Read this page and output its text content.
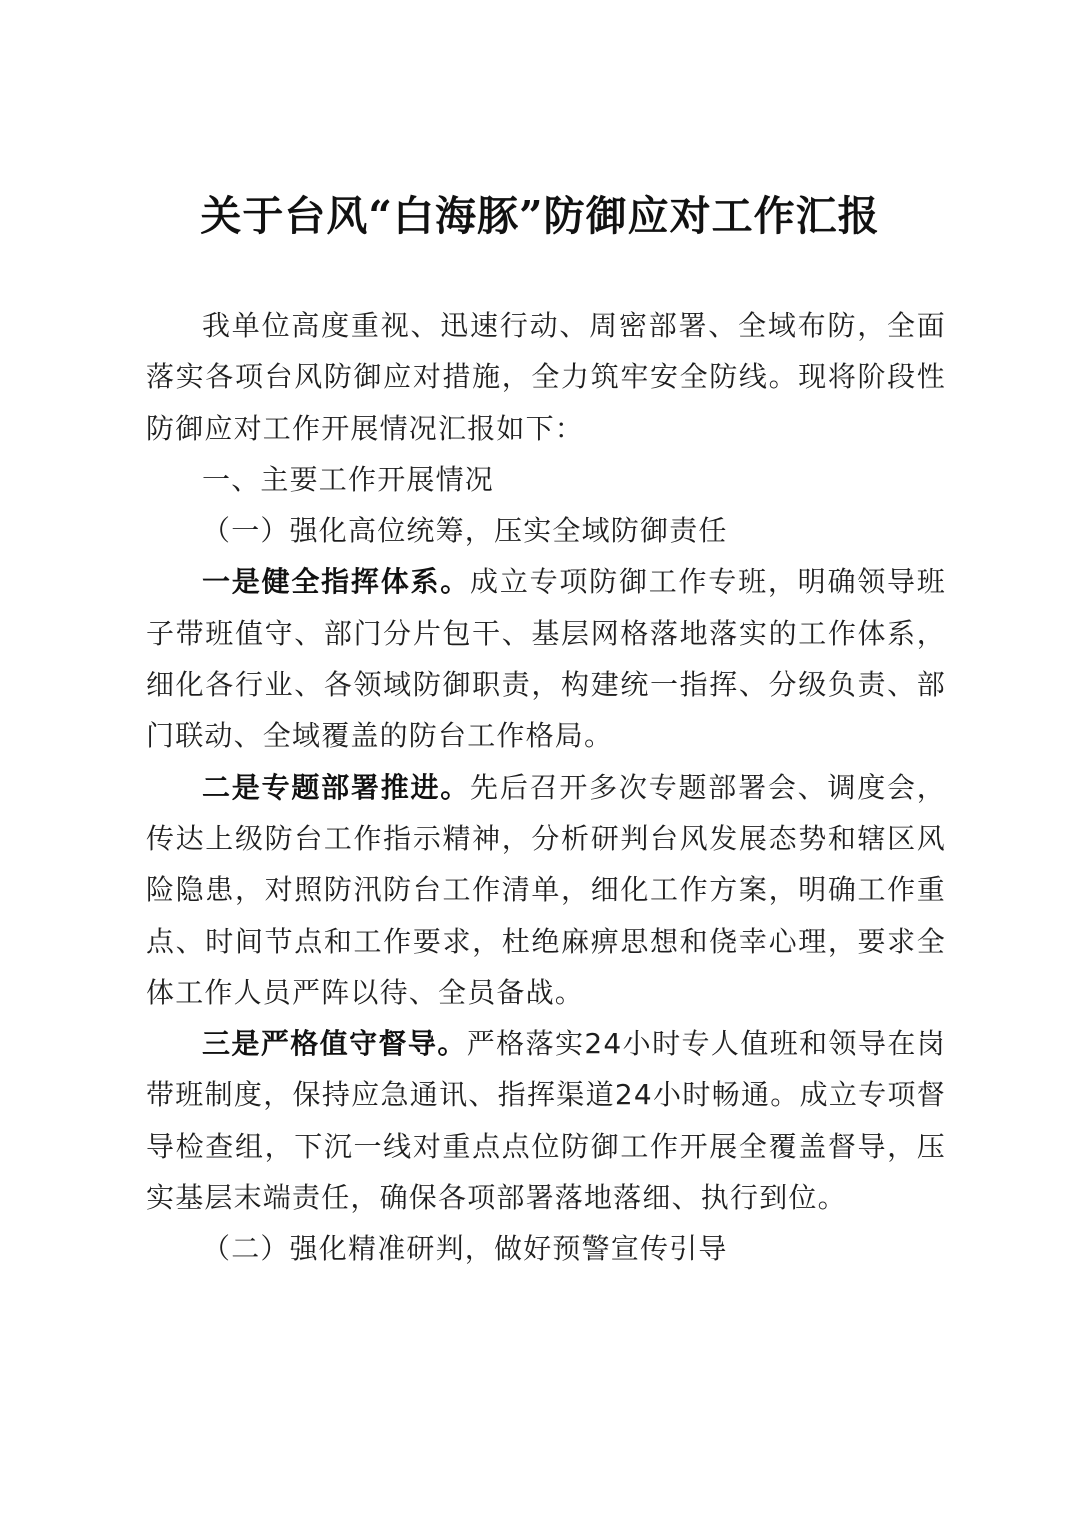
关于台风“白海豚”防御应对工作汇报

我单位高度重视、迅速行动、周密部署、全域布防，全面落实各项台风防御应对措施，全力筑牢安全防线。现将阶段性防御应对工作开展情况汇报如下：

一、主要工作开展情况

（一）强化高位统筹，压实全域防御责任

一是健全指挥体系。成立专项防御工作专班，明确领导班子带班值守、部门分片包干、基层网格落地落实的工作体系，细化各行业、各领域防御职责，构建统一指挥、分级负责、部门联动、全域覆盖的防台工作格局。

二是专题部署推进。先后召开多次专题部署会、调度会，传达上级防台工作指示精神，分析研判台风发展态势和辖区风险隐患，对照防汛防台工作清单，细化工作方案，明确工作重点、时间节点和工作要求，杜绝麻痹思想和侥幸心理，要求全体工作人员严阵以待、全员备战。

三是严格值守督导。严格落实24小时专人值班和领导在岗带班制度，保持应急通讯、指挥渠道24小时畅通。成立专项督导检查组，下沉一线对重点点位防御工作开展全覆盖督导，压实基层末端责任，确保各项部署落地落细、执行到位。

（二）强化精准研判，做好预警宣传引导
